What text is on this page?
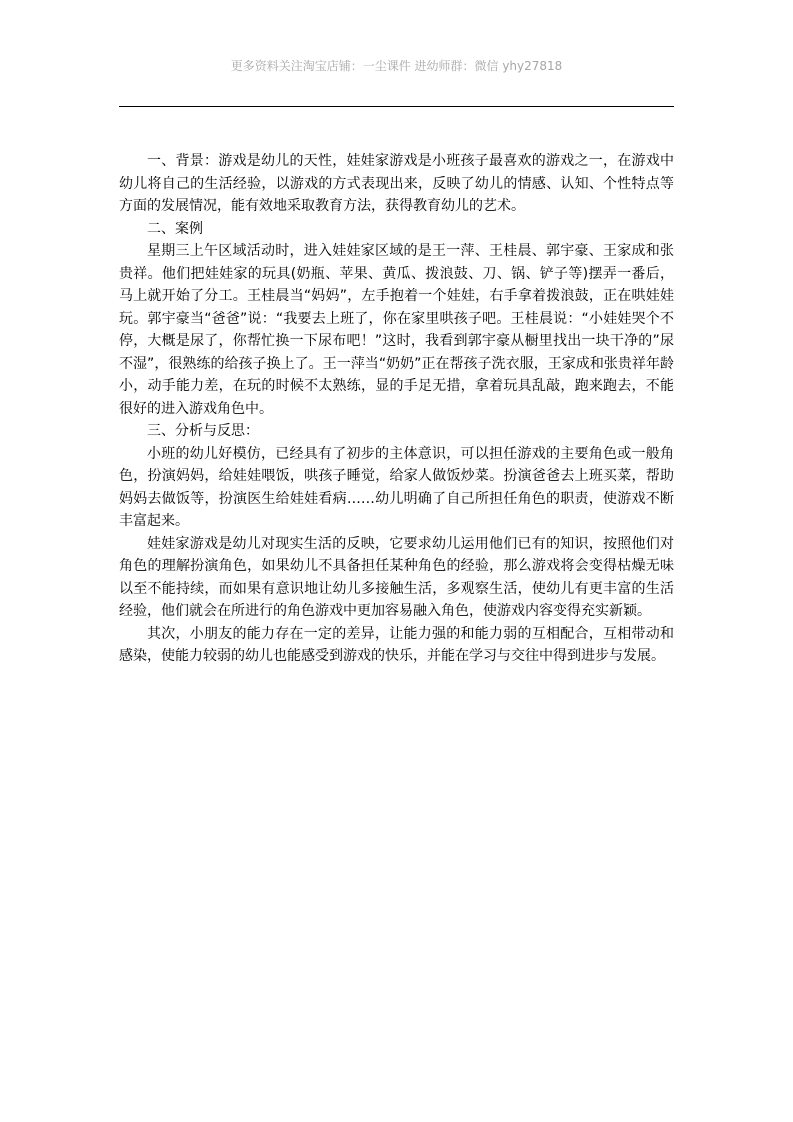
更多资料关注淘宝店铺：一尘课件 进幼师群：微信 yhy27818

一、背景：游戏是幼儿的天性，娃娃家游戏是小班孩子最喜欢的游戏之一，在游戏中幼儿将自己的生活经验，以游戏的方式表现出来，反映了幼儿的情感、认知、个性特点等方面的发展情况，能有效地采取教育方法，获得教育幼儿的艺术。

二、案例

星期三上午区域活动时，进入娃娃家区域的是王一萍、王桂晨、郭宇豪、王家成和张贵祥。他们把娃娃家的玩具(奶瓶、苹果、黄瓜、拨浪鼓、刀、锅、铲子等)摆弄一番后，马上就开始了分工。王桂晨当“妈妈”，左手抱着一个娃娃，右手拿着拨浪鼓，正在哄娃娃玩。郭宇豪当“爸爸”说：“我要去上班了，你在家里哄孩子吧。王桂晨说：“小娃娃哭个不停，大概是尿了，你帮忙换一下尿布吧！”这时，我看到郭宇豪从橱里找出一块干净的”尿不湿”，很熟练的给孩子换上了。王一萍当“奶奶”正在帮孩子洗衣服，王家成和张贵祥年龄小，动手能力差，在玩的时候不太熟练，显的手足无措，拿着玩具乱敲，跑来跑去，不能很好的进入游戏角色中。

三、分析与反思：

小班的幼儿好模仿，已经具有了初步的主体意识，可以担任游戏的主要角色或一般角色，扮演妈妈，给娃娃喂饭，哄孩子睡觉，给家人做饭炒菜。扮演爸爸去上班买菜，帮助妈妈去做饭等，扮演医生给娃娃看病……幼儿明确了自己所担任角色的职责，使游戏不断丰富起来。

娃娃家游戏是幼儿对现实生活的反映，它要求幼儿运用他们已有的知识，按照他们对角色的理解扮演角色，如果幼儿不具备担任某种角色的经验，那么游戏将会变得枯燥无味以至不能持续，而如果有意识地让幼儿多接触生活，多观察生活，使幼儿有更丰富的生活经验，他们就会在所进行的角色游戏中更加容易融入角色，使游戏内容变得充实新颖。

其次，小朋友的能力存在一定的差异，让能力强的和能力弱的互相配合，互相带动和感染，使能力较弱的幼儿也能感受到游戏的快乐，并能在学习与交往中得到进步与发展。
